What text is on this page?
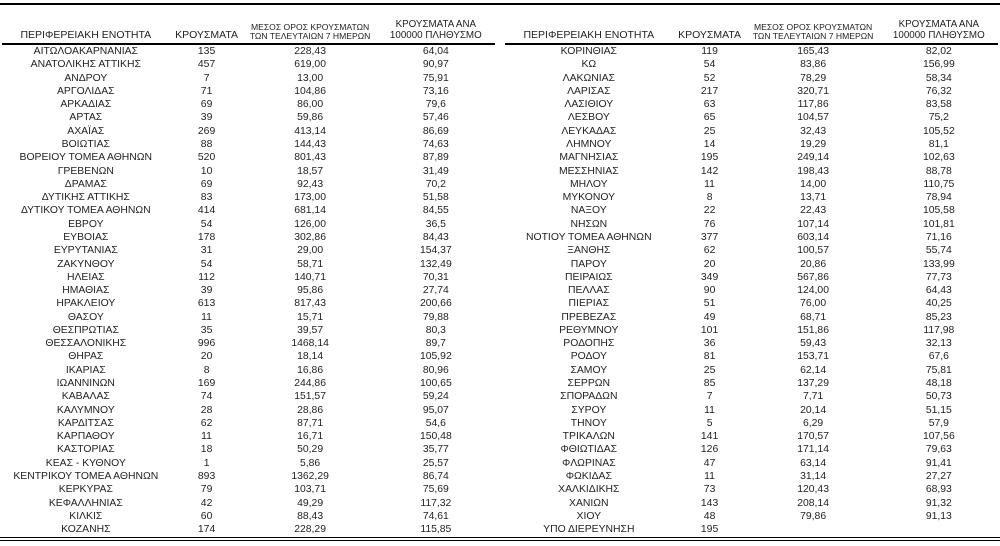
ΠΕΡΙΦΕΡΕΙΑΚΗ ΕΝΟΤΗΤΑ	ΚΡΟΥΣΜΑΤΑ	ΜΕΣΟΣ ΟΡΟΣ ΚΡΟΥΣΜΑΤΩΝ ΤΩΝ ΤΕΛΕΥΤΑΙΩΝ 7 ΗΜΕΡΩΝ	ΚΡΟΥΣΜΑΤΑ ΑΝΑ 100000 ΠΛΗΘΥΣΜΟ
ΑΙΤΩΛΟΑΚΑΡΝΑΝΙΑΣ	135	228,43	64,04
ΑΝΑΤΟΛΙΚΗΣ ΑΤΤΙΚΗΣ	457	619,00	90,97
ΑΝΔΡΟΥ	7	13,00	75,91
ΑΡΓΟΛΙΔΑΣ	71	104,86	73,16
ΑΡΚΑΔΙΑΣ	69	86,00	79,6
ΑΡΤΑΣ	39	59,86	57,46
ΑΧΑΪΑΣ	269	413,14	86,69
ΒΟΙΩΤΙΑΣ	88	144,43	74,63
ΒΟΡΕΙΟΥ ΤΟΜΕΑ ΑΘΗΝΩΝ	520	801,43	87,89
ΓΡΕΒΕΝΩΝ	10	18,57	31,49
ΔΡΑΜΑΣ	69	92,43	70,2
ΔΥΤΙΚΗΣ ΑΤΤΙΚΗΣ	83	173,00	51,58
ΔΥΤΙΚΟΥ ΤΟΜΕΑ ΑΘΗΝΩΝ	414	681,14	84,55
ΕΒΡΟΥ	54	126,00	36,5
ΕΥΒΟΙΑΣ	178	302,86	84,43
ΕΥΡΥΤΑΝΙΑΣ	31	29,00	154,37
ΖΑΚΥΝΘΟΥ	54	58,71	132,49
ΗΛΕΙΑΣ	112	140,71	70,31
ΗΜΑΘΙΑΣ	39	95,86	27,74
ΗΡΑΚΛΕΙΟΥ	613	817,43	200,66
ΘΑΣΟΥ	11	15,71	79,88
ΘΕΣΠΡΩΤΙΑΣ	35	39,57	80,3
ΘΕΣΣΑΛΟΝΙΚΗΣ	996	1468,14	89,7
ΘΗΡΑΣ	20	18,14	105,92
ΙΚΑΡΙΑΣ	8	16,86	80,96
ΙΩΑΝΝΙΝΩΝ	169	244,86	100,65
ΚΑΒΑΛΑΣ	74	151,57	59,24
ΚΑΛΥΜΝΟΥ	28	28,86	95,07
ΚΑΡΔΙΤΣΑΣ	62	87,71	54,6
ΚΑΡΠΑΘΟΥ	11	16,71	150,48
ΚΑΣΤΟΡΙΑΣ	18	50,29	35,77
ΚΕΑΣ - ΚΥΘΝΟΥ	1	5,86	25,57
ΚΕΝΤΡΙΚΟΥ ΤΟΜΕΑ ΑΘΗΝΩΝ	893	1362,29	86,74
ΚΕΡΚΥΡΑΣ	79	103,71	75,69
ΚΕΦΑΛΛΗΝΙΑΣ	42	49,29	117,32
ΚΙΛΚΙΣ	60	88,43	74,61
ΚΟΖΑΝΗΣ	174	228,29	115,85
ΠΕΡΙΦΕΡΕΙΑΚΗ ΕΝΟΤΗΤΑ	ΚΡΟΥΣΜΑΤΑ	ΜΕΣΟΣ ΟΡΟΣ ΚΡΟΥΣΜΑΤΩΝ ΤΩΝ ΤΕΛΕΥΤΑΙΩΝ 7 ΗΜΕΡΩΝ	ΚΡΟΥΣΜΑΤΑ ΑΝΑ 100000 ΠΛΗΘΥΣΜΟ
ΚΟΡΙΝΘΙΑΣ	119	165,43	82,02
ΚΩ	54	83,86	156,99
ΛΑΚΩΝΙΑΣ	52	78,29	58,34
ΛΑΡΙΣΑΣ	217	320,71	76,32
ΛΑΣΙΘΙΟΥ	63	117,86	83,58
ΛΕΣΒΟΥ	65	104,57	75,2
ΛΕΥΚΑΔΑΣ	25	32,43	105,52
ΛΗΜΝΟΥ	14	19,29	81,1
ΜΑΓΝΗΣΙΑΣ	195	249,14	102,63
ΜΕΣΣΗΝΙΑΣ	142	198,43	88,78
ΜΗΛΟΥ	11	14,00	110,75
ΜΥΚΟΝΟΥ	8	13,71	78,94
ΝΑΞΟΥ	22	22,43	105,58
ΝΗΣΩΝ	76	107,14	101,81
ΝΟΤΙΟΥ ΤΟΜΕΑ ΑΘΗΝΩΝ	377	603,14	71,16
ΞΑΝΘΗΣ	62	100,57	55,74
ΠΑΡΟΥ	20	20,86	133,99
ΠΕΙΡΑΙΩΣ	349	567,86	77,73
ΠΕΛΛΑΣ	90	124,00	64,43
ΠΙΕΡΙΑΣ	51	76,00	40,25
ΠΡΕΒΕΖΑΣ	49	68,71	85,23
ΡΕΘΥΜΝΟΥ	101	151,86	117,98
ΡΟΔΟΠΗΣ	36	59,43	32,13
ΡΟΔΟΥ	81	153,71	67,6
ΣΑΜΟΥ	25	62,14	75,81
ΣΕΡΡΩΝ	85	137,29	48,18
ΣΠΟΡΑΔΩΝ	7	7,71	50,73
ΣΥΡΟΥ	11	20,14	51,15
ΤΗΝΟΥ	5	6,29	57,9
ΤΡΙΚΑΛΩΝ	141	170,57	107,56
ΦΘΙΩΤΙΔΑΣ	126	171,14	79,63
ΦΛΩΡΙΝΑΣ	47	63,14	91,41
ΦΩΚΙΔΑΣ	11	31,14	27,27
ΧΑΛΚΙΔΙΚΗΣ	73	120,43	68,93
ΧΑΝΙΩΝ	143	208,14	91,32
ΧΙΟΥ	48	79,86	91,13
ΥΠΟ ΔΙΕΡΕΥΝΗΣΗ	195		
